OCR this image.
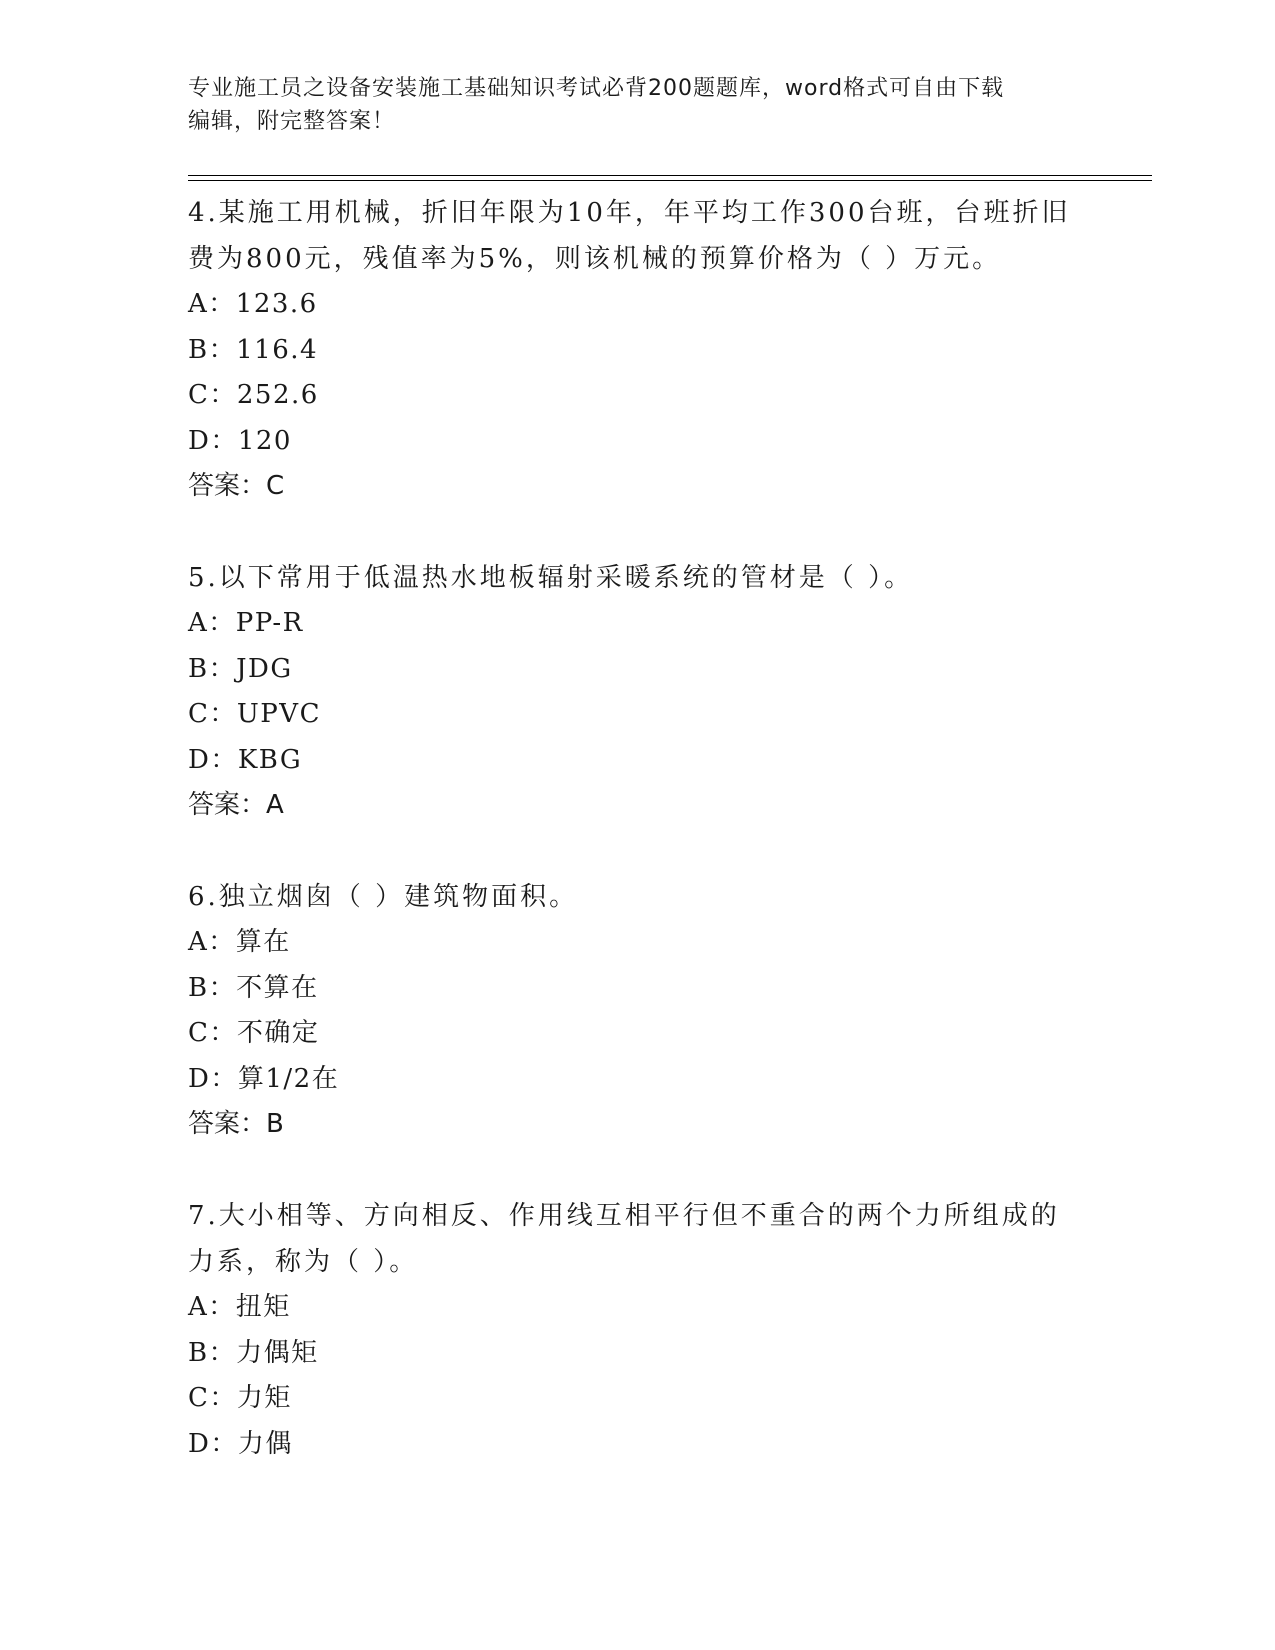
专业施工员之设备安装施工基础知识考试必背200题题库，word格式可自由下载
编辑，附完整答案！
4.某施工用机械，折旧年限为10年，年平均工作300台班，台班折旧
费为800元，残值率为5%，则该机械的预算价格为（ ）万元。
A：123.6
B：116.4
C：252.6
D：120
答案：C
5.以下常用于低温热水地板辐射采暖系统的管材是（ ）。
A：PP-R
B：JDG
C：UPVC
D：KBG
答案：A
6.独立烟囱（ ）建筑物面积。
A：算在
B：不算在
C：不确定
D：算1/2在
答案：B
7.大小相等、方向相反、作用线互相平行但不重合的两个力所组成的
力系，称为（ ）。
A：扭矩
B：力偶矩
C：力矩
D：力偶
